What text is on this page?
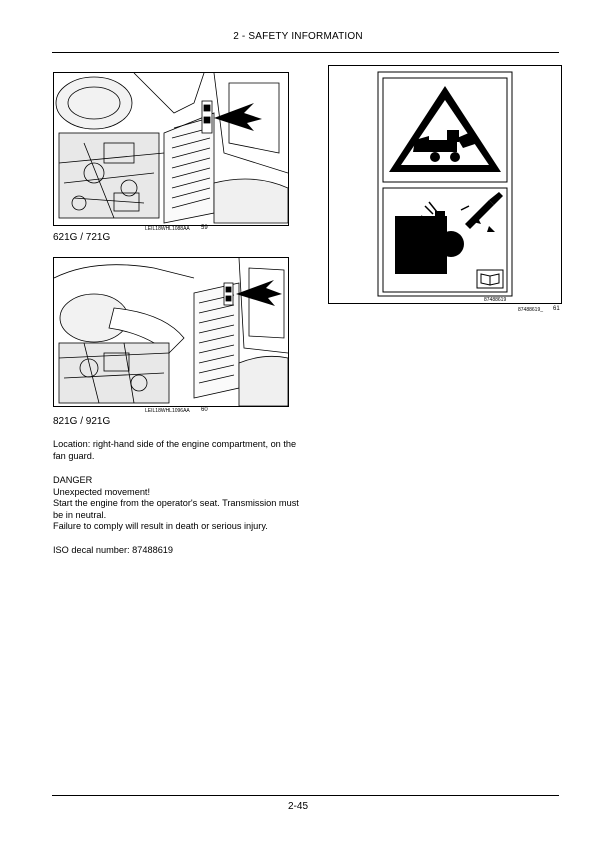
2 - SAFETY INFORMATION
LEIL18WHL1088AA 59
621G / 721G
LEIL18WHL1096AA 60
821G / 921G
Location: right-hand side of the engine compartment, on the fan guard.
DANGER
Unexpected movement!
Start the engine from the operator's seat. Transmission must be in neutral.
Failure to comply will result in death or serious injury.
ISO decal number: 87488619
87488619
87488619_ 61
2-45
